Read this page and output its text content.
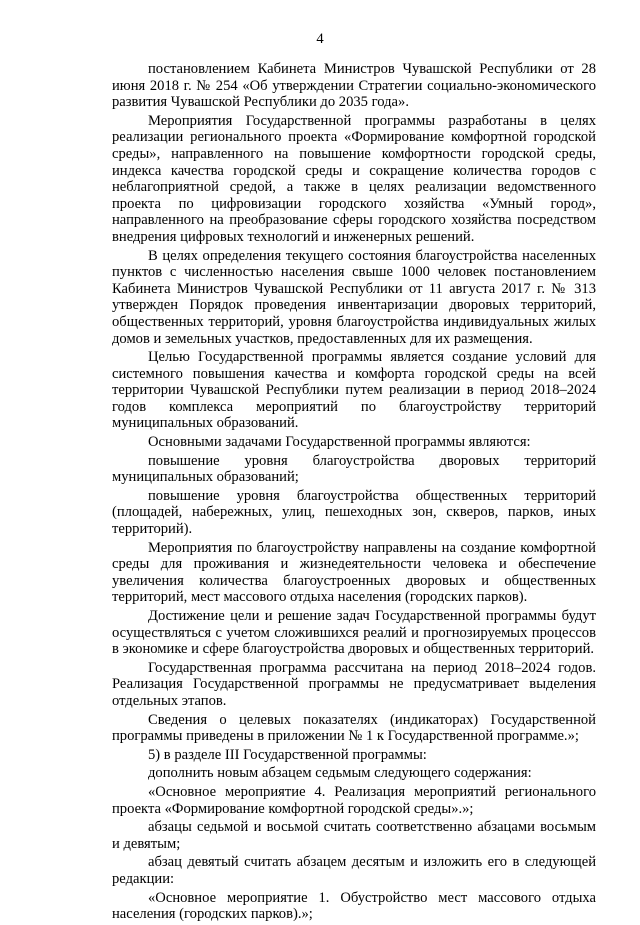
4

постановлением Кабинета Министров Чувашской Республики от 28 июня 2018 г. № 254 «Об утверждении Стратегии социально-экономического развития Чувашской Республики до 2035 года».

Мероприятия Государственной программы разработаны в целях реализации регионального проекта «Формирование комфортной городской среды», направленного на повышение комфортности городской среды, индекса качества городской среды и сокращение количества городов с неблагоприятной средой, а также в целях реализации ведомственного проекта по цифровизации городского хозяйства «Умный город», направленного на преобразование сферы городского хозяйства посредством внедрения цифровых технологий и инженерных решений.

В целях определения текущего состояния благоустройства населенных пунктов с численностью населения свыше 1000 человек постановлением Кабинета Министров Чувашской Республики от 11 августа 2017 г. № 313 утвержден Порядок проведения инвентаризации дворовых территорий, общественных территорий, уровня благоустройства индивидуальных жилых домов и земельных участков, предоставленных для их размещения.

Целью Государственной программы является создание условий для системного повышения качества и комфорта городской среды на всей территории Чувашской Республики путем реализации в период 2018–2024 годов комплекса мероприятий по благоустройству территорий муниципальных образований.

Основными задачами Государственной программы являются:

повышение уровня благоустройства дворовых территорий муниципальных образований;

повышение уровня благоустройства общественных территорий (площадей, набережных, улиц, пешеходных зон, скверов, парков, иных территорий).

Мероприятия по благоустройству направлены на создание комфортной среды для проживания и жизнедеятельности человека и обеспечение увеличения количества благоустроенных дворовых и общественных территорий, мест массового отдыха населения (городских парков).

Достижение цели и решение задач Государственной программы будут осуществляться с учетом сложившихся реалий и прогнозируемых процессов в экономике и сфере благоустройства дворовых и общественных территорий.

Государственная программа рассчитана на период 2018–2024 годов. Реализация Государственной программы не предусматривает выделения отдельных этапов.

Сведения о целевых показателях (индикаторах) Государственной программы приведены в приложении № 1 к Государственной программе.»;

5) в разделе III Государственной программы:

дополнить новым абзацем седьмым следующего содержания:

«Основное мероприятие 4. Реализация мероприятий регионального проекта «Формирование комфортной городской среды».»;

абзацы седьмой и восьмой считать соответственно абзацами восьмым и девятым;

абзац девятый считать абзацем десятым и изложить его в следующей редакции:

«Основное мероприятие 1. Обустройство мест массового отдыха населения (городских парков).»;
